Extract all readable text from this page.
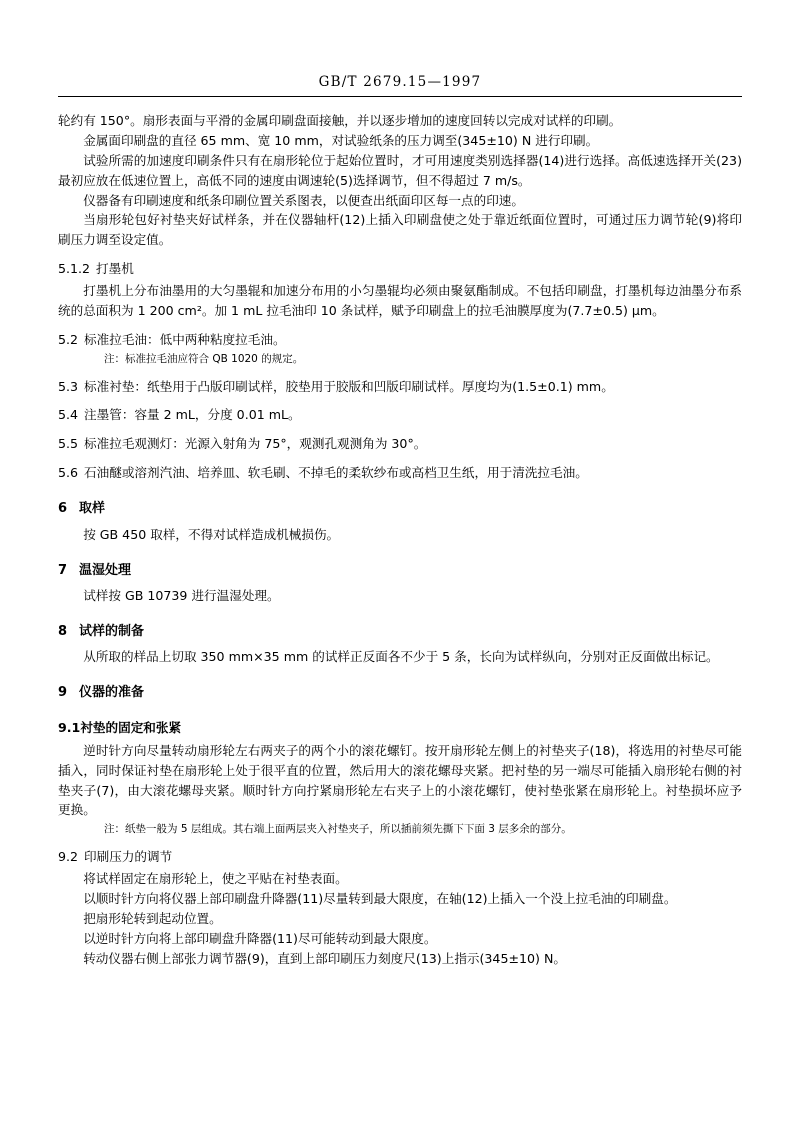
GB/T 2679.15—1997

轮约有 150°。扇形表面与平滑的金属印刷盘面接触，并以逐步增加的速度回转以完成对试样的印刷。

金属面印刷盘的直径 65 mm、宽 10 mm，对试验纸条的压力调至(345±10) N 进行印刷。

试验所需的加速度印刷条件只有在扇形轮位于起始位置时，才可用速度类别选择器(14)进行选择。高低速选择开关(23)最初应放在低速位置上，高低不同的速度由调速轮(5)选择调节，但不得超过 7 m/s。

仪器备有印刷速度和纸条印刷位置关系图表，以便查出纸面印区每一点的印速。

当扇形轮包好衬垫夹好试样条，并在仪器轴杆(12)上插入印刷盘使之处于靠近纸面位置时，可通过压力调节轮(9)将印刷压力调至设定值。

5.1.2 打墨机

打墨机上分布油墨用的大匀墨辊和加速分布用的小匀墨辊均必须由聚氨酯制成。不包括印刷盘，打墨机每边油墨分布系统的总面积为 1 200 cm²。加 1 mL 拉毛油印 10 条试样，赋予印刷盘上的拉毛油膜厚度为(7.7±0.5) μm。

5.2 标准拉毛油：低中两种粘度拉毛油。

注：标准拉毛油应符合 QB 1020 的规定。

5.3 标准衬垫：纸垫用于凸版印刷试样，胶垫用于胶版和凹版印刷试样。厚度均为(1.5±0.1) mm。

5.4 注墨管：容量 2 mL，分度 0.01 mL。

5.5 标准拉毛观测灯：光源入射角为 75°，观测孔观测角为 30°。

5.6 石油醚或溶剂汽油、培养皿、软毛刷、不掉毛的柔软纱布或高档卫生纸，用于清洗拉毛油。

6 取样

按 GB 450 取样，不得对试样造成机械损伤。

7 温湿处理

试样按 GB 10739 进行温湿处理。

8 试样的制备

从所取的样品上切取 350 mm×35 mm 的试样正反面各不少于 5 条，长向为试样纵向，分别对正反面做出标记。

9 仪器的准备

9.1衬垫的固定和张紧

逆时针方向尽量转动扇形轮左右两夹子的两个小的滚花螺钉。按开扇形轮左侧上的衬垫夹子(18)，将选用的衬垫尽可能插入，同时保证衬垫在扇形轮上处于很平直的位置，然后用大的滚花螺母夹紧。把衬垫的另一端尽可能插入扇形轮右侧的衬垫夹子(7)，由大滚花螺母夹紧。顺时针方向拧紧扇形轮左右夹子上的小滚花螺钉，使衬垫张紧在扇形轮上。衬垫损坏应予更换。

注：纸垫一般为 5 层组成。其右端上面两层夹入衬垫夹子，所以插前须先撕下下面 3 层多余的部分。

9.2 印刷压力的调节

将试样固定在扇形轮上，使之平贴在衬垫表面。

以顺时针方向将仪器上部印刷盘升降器(11)尽量转到最大限度，在轴(12)上插入一个没上拉毛油的印刷盘。

把扇形轮转到起动位置。

以逆时针方向将上部印刷盘升降器(11)尽可能转动到最大限度。

转动仪器右侧上部张力调节器(9)，直到上部印刷压力刻度尺(13)上指示(345±10) N。
